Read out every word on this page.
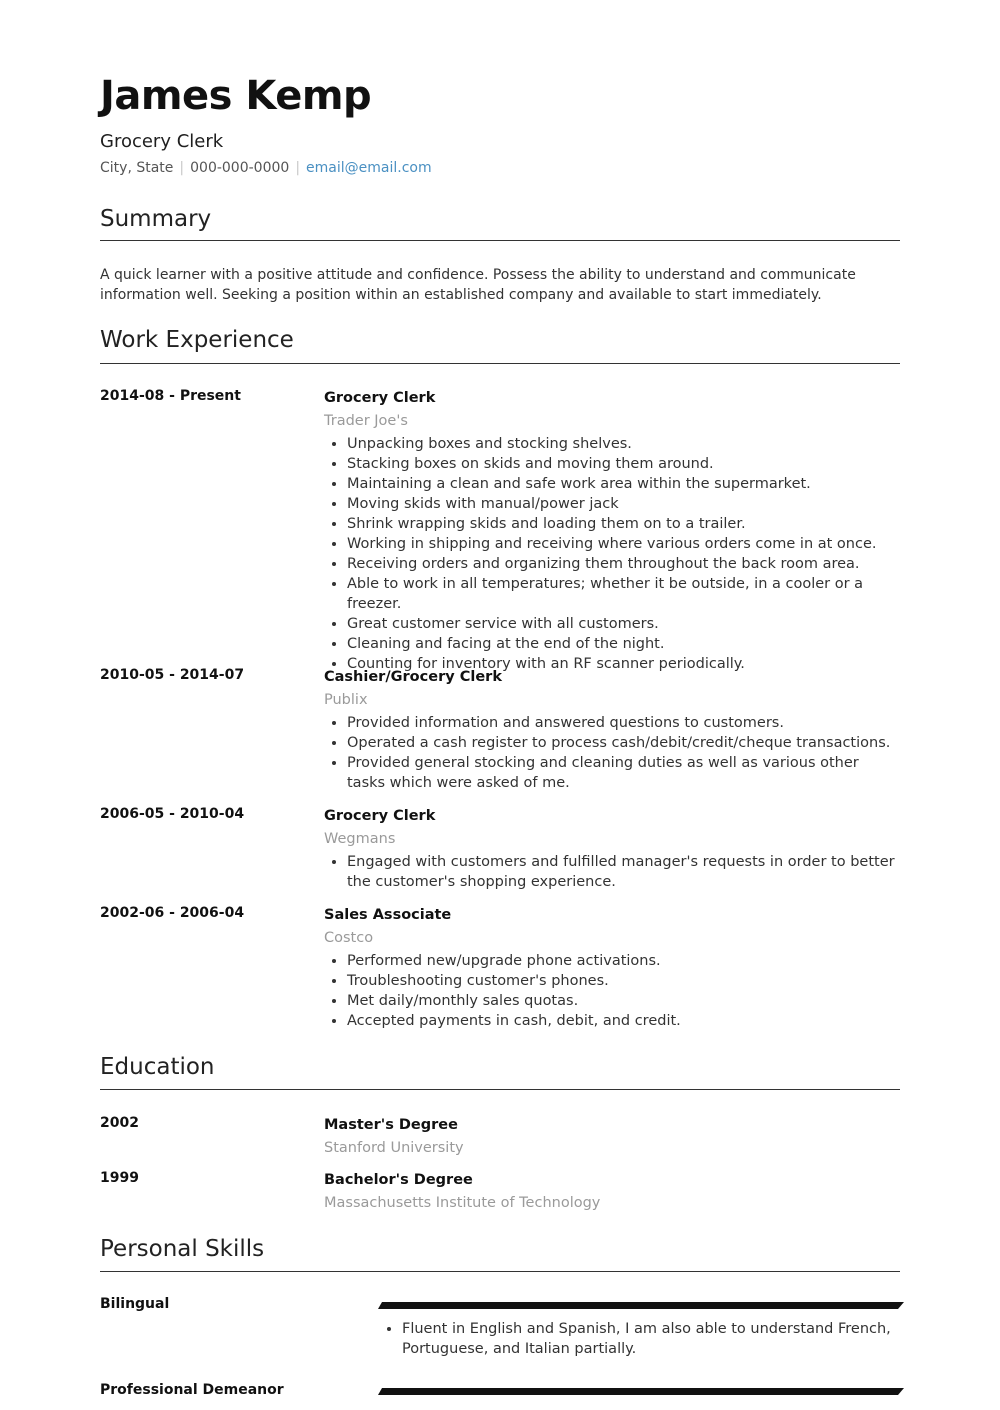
James Kemp
Grocery Clerk
City, State | 000-000-0000 | email@email.com
Summary

A quick learner with a positive attitude and confidence. Possess the ability to understand and communicate information well. Seeking a position within an established company and available to start immediately.

Work Experience
2014-08 - Present	Grocery Clerk
Trader Joe's
• Unpacking boxes and stocking shelves.
• Stacking boxes on skids and moving them around.
• Maintaining a clean and safe work area within the supermarket.
• Moving skids with manual/power jack
• Shrink wrapping skids and loading them on to a trailer.
• Working in shipping and receiving where various orders come in at once.
• Receiving orders and organizing them throughout the back room area.
• Able to work in all temperatures; whether it be outside, in a cooler or a freezer.
• Great customer service with all customers.
• Cleaning and facing at the end of the night.
• Counting for inventory with an RF scanner periodically.
2010-05 - 2014-07	Cashier/Grocery Clerk
Publix
• Provided information and answered questions to customers.
• Operated a cash register to process cash/debit/credit/cheque transactions.
• Provided general stocking and cleaning duties as well as various other tasks which were asked of me.
2006-05 - 2010-04	Grocery Clerk
Wegmans
• Engaged with customers and fulfilled manager's requests in order to better the customer's shopping experience.
2002-06 - 2006-04	Sales Associate
Costco
• Performed new/upgrade phone activations.
• Troubleshooting customer's phones.
• Met daily/monthly sales quotas.
• Accepted payments in cash, debit, and credit.
Education
2002	Master's Degree
Stanford University
1999	Bachelor's Degree
Massachusetts Institute of Technology
Personal Skills
Bilingual
• Fluent in English and Spanish, I am also able to understand French, Portuguese, and Italian partially.
Professional Demeanor
